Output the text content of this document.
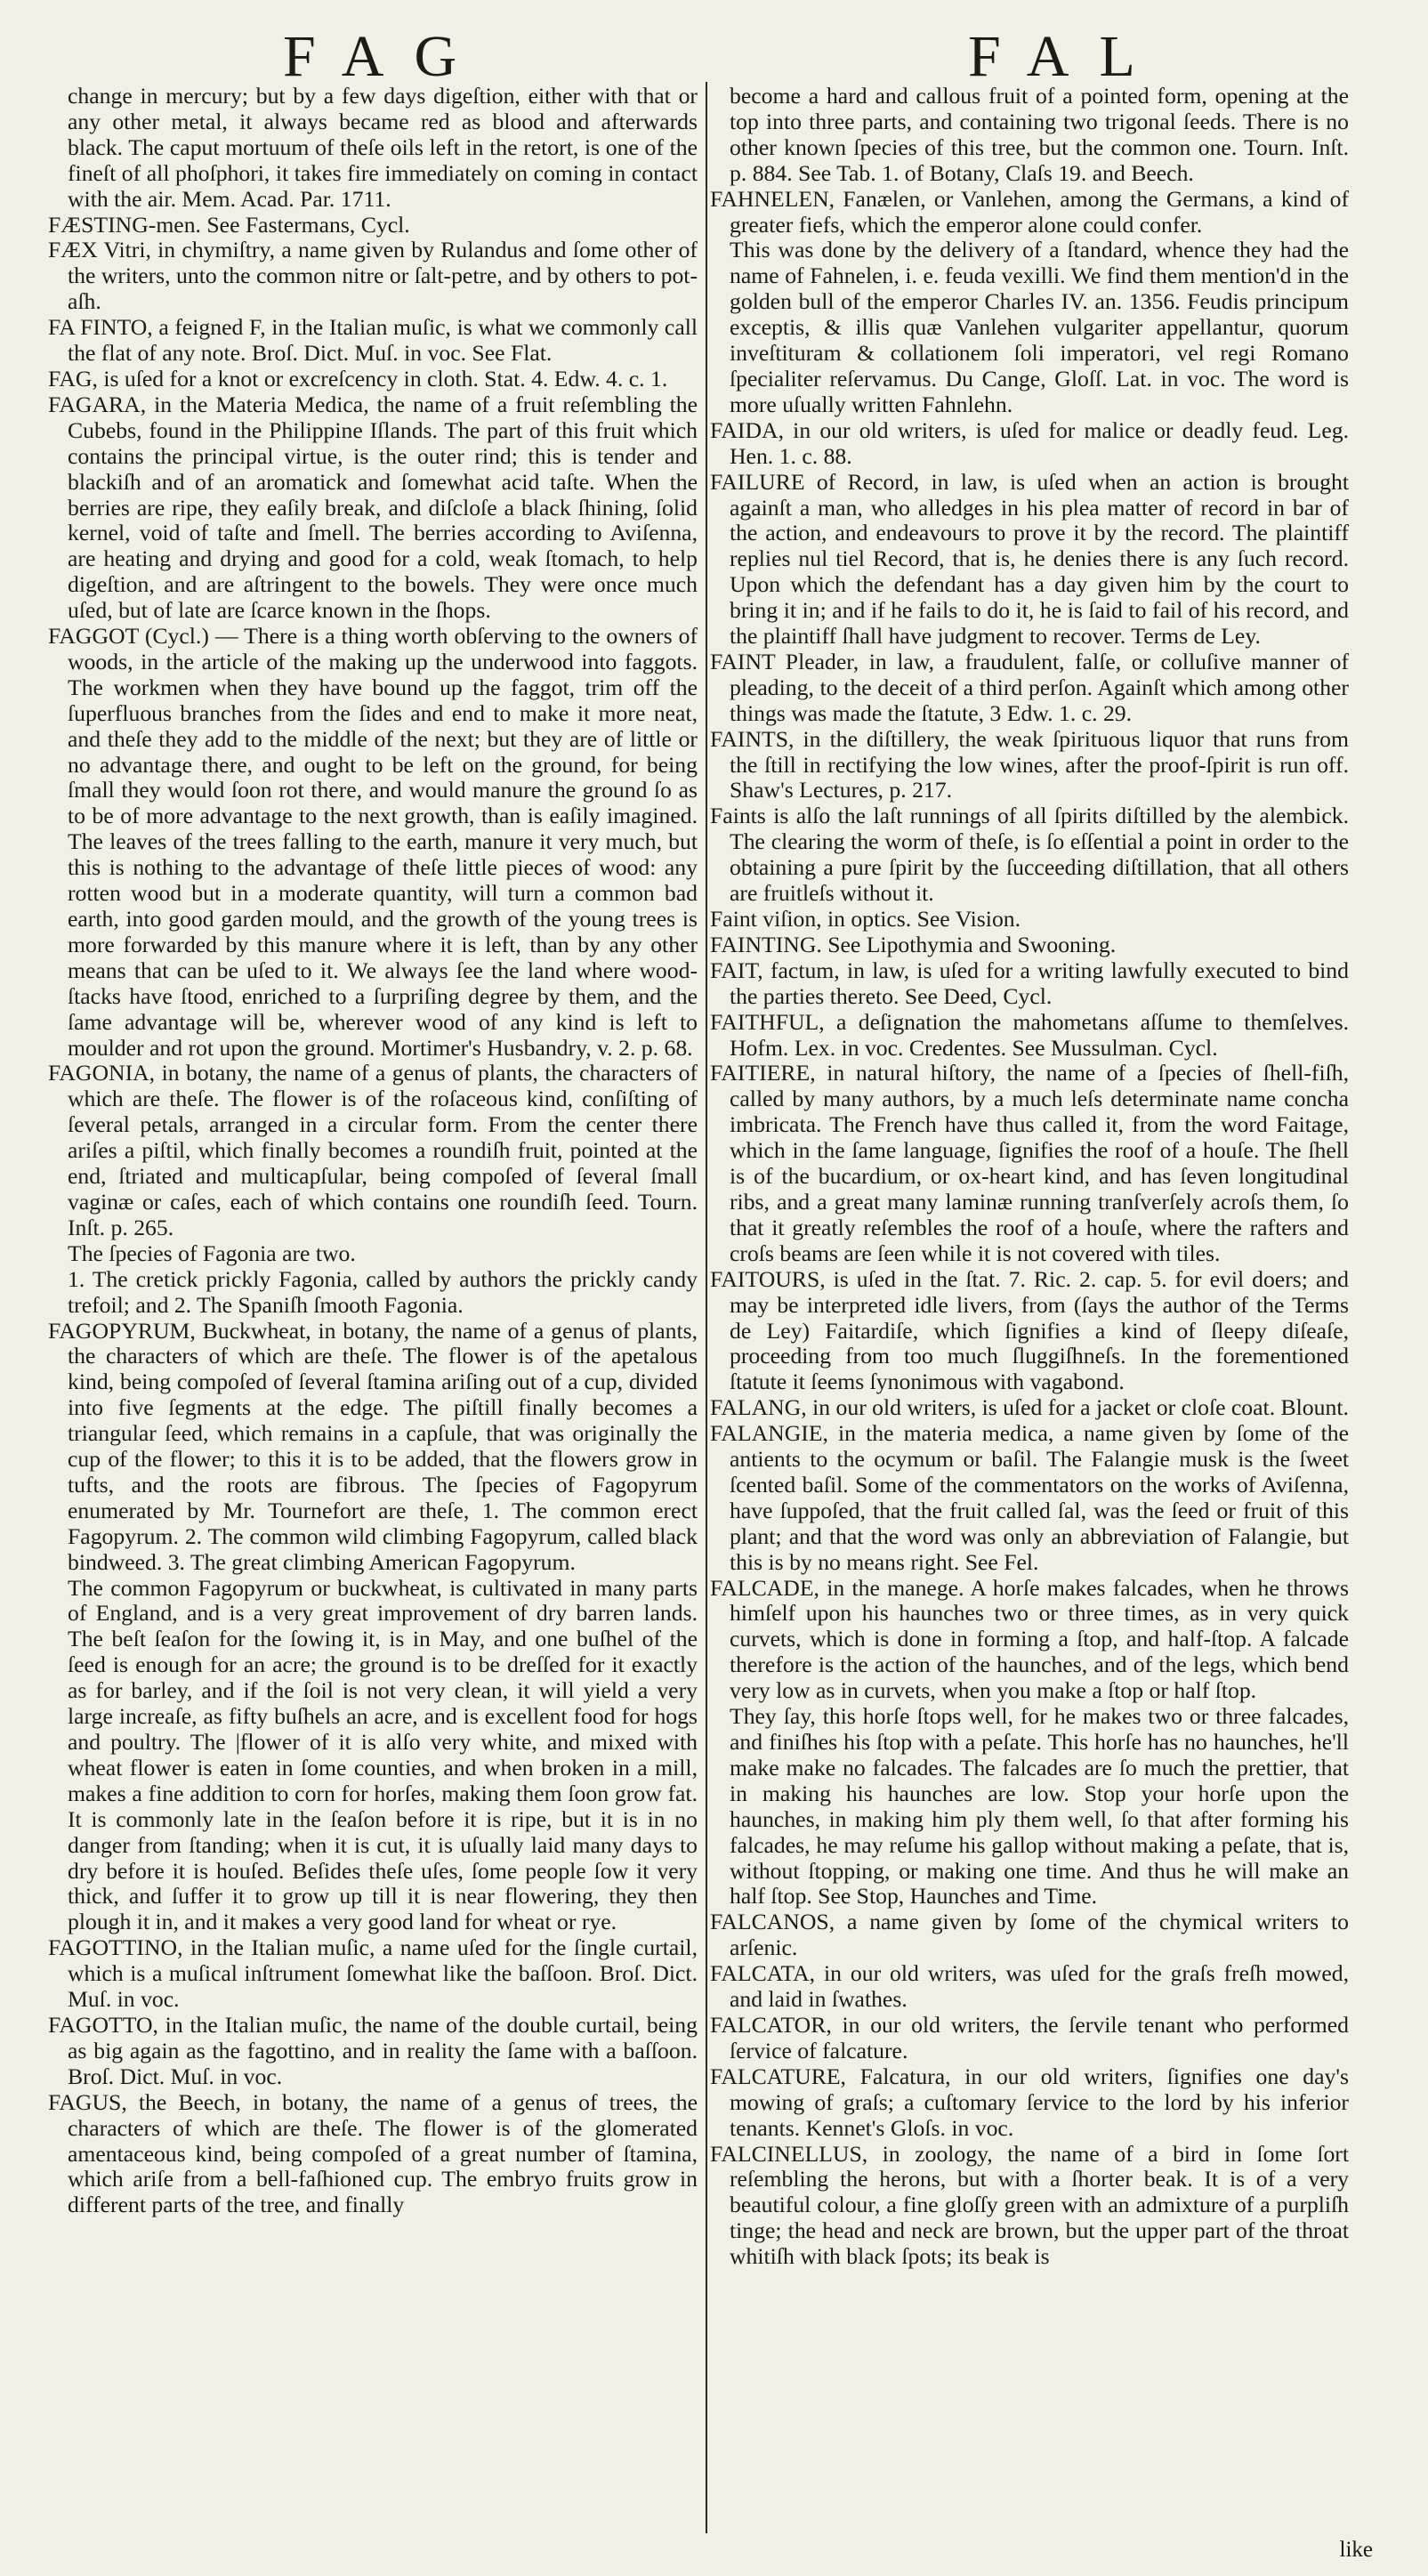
FAG	FAL

change in mercury; but by a few days digeſtion, either with that or any other metal, it always became red as blood and afterwards black. The caput mortuum of theſe oils left in the retort, is one of the fineſt of all phoſphori, it takes fire immediately on coming in contact with the air. Mem. Acad. Par. 1711.

FÆSTING-men. See Fastermans, Cycl.

FÆX Vitri, in chymiſtry, a name given by Rulandus and ſome other of the writers, unto the common nitre or ſalt-petre, and by others to pot-aſh.

FA FINTO, a feigned F, in the Italian muſic, is what we commonly call the flat of any note. Broſ. Dict. Muſ. in voc. See Flat.

FAG, is uſed for a knot or excreſcency in cloth. Stat. 4. Edw. 4. c. 1.

FAGARA, in the Materia Medica, the name of a fruit reſembling the Cubebs, found in the Philippine Iſlands. The part of this fruit which contains the principal virtue, is the outer rind; this is tender and blackiſh and of an aromatick and ſomewhat acid taſte. When the berries are ripe, they eaſily break, and diſcloſe a black ſhining, ſolid kernel, void of taſte and ſmell. The berries according to Aviſenna, are heating and drying and good for a cold, weak ſtomach, to help digeſtion, and are aſtringent to the bowels. They were once much uſed, but of late are ſcarce known in the ſhops.

FAGGOT (Cycl.) — There is a thing worth obſerving to the owners of woods, in the article of the making up the underwood into faggots. The workmen when they have bound up the faggot, trim off the ſuperfluous branches from the ſides and end to make it more neat, and theſe they add to the middle of the next; but they are of little or no advantage there, and ought to be left on the ground, for being ſmall they would ſoon rot there, and would manure the ground ſo as to be of more advantage to the next growth, than is eaſily imagined. The leaves of the trees falling to the earth, manure it very much, but this is nothing to the advantage of theſe little pieces of wood: any rotten wood but in a moderate quantity, will turn a common bad earth, into good garden mould, and the growth of the young trees is more forwarded by this manure where it is left, than by any other means that can be uſed to it. We always ſee the land where wood-ſtacks have ſtood, enriched to a ſurpriſing degree by them, and the ſame advantage will be, wherever wood of any kind is left to moulder and rot upon the ground. Mortimer's Husbandry, v. 2. p. 68.

FAGONIA, in botany, the name of a genus of plants, the characters of which are theſe. The flower is of the roſaceous kind, conſiſting of ſeveral petals, arranged in a circular form. From the center there ariſes a piſtil, which finally becomes a roundiſh fruit, pointed at the end, ſtriated and multicapſular, being compoſed of ſeveral ſmall vaginæ or caſes, each of which contains one roundiſh ſeed. Tourn. Inſt. p. 265.

The ſpecies of Fagonia are two.

1. The cretick prickly Fagonia, called by authors the prickly candy trefoil; and 2. The Spaniſh ſmooth Fagonia.

FAGOPYRUM, Buckwheat, in botany, the name of a genus of plants, the characters of which are theſe. The flower is of the apetalous kind, being compoſed of ſeveral ſtamina ariſing out of a cup, divided into five ſegments at the edge. The piſtill finally becomes a triangular ſeed, which remains in a capſule, that was originally the cup of the flower; to this it is to be added, that the flowers grow in tufts, and the roots are fibrous. The ſpecies of Fagopyrum enumerated by Mr. Tournefort are theſe, 1. The common erect Fagopyrum. 2. The common wild climbing Fagopyrum, called black bindweed. 3. The great climbing American Fagopyrum.

The common Fagopyrum or buckwheat, is cultivated in many parts of England, and is a very great improvement of dry barren lands. The beſt ſeaſon for the ſowing it, is in May, and one buſhel of the ſeed is enough for an acre; the ground is to be dreſſed for it exactly as for barley, and if the ſoil is not very clean, it will yield a very large increaſe, as fifty buſhels an acre, and is excellent food for hogs and poultry. The |flower of it is alſo very white, and mixed with wheat flower is eaten in ſome counties, and when broken in a mill, makes a fine addition to corn for horſes, making them ſoon grow fat. It is commonly late in the ſeaſon before it is ripe, but it is in no danger from ſtanding; when it is cut, it is uſually laid many days to dry before it is houſed. Beſides theſe uſes, ſome people ſow it very thick, and ſuffer it to grow up till it is near flowering, they then plough it in, and it makes a very good land for wheat or rye.

FAGOTTINO, in the Italian muſic, a name uſed for the ſingle curtail, which is a muſical inſtrument ſomewhat like the baſſoon. Broſ. Dict. Muſ. in voc.

FAGOTTO, in the Italian muſic, the name of the double curtail, being as big again as the fagottino, and in reality the ſame with a baſſoon. Broſ. Dict. Muſ. in voc.

FAGUS, the Beech, in botany, the name of a genus of trees, the characters of which are theſe. The flower is of the glomerated amentaceous kind, being compoſed of a great number of ſtamina, which ariſe from a bell-faſhioned cup. The embryo fruits grow in different parts of the tree, and finally

become a hard and callous fruit of a pointed form, opening at the top into three parts, and containing two trigonal ſeeds. There is no other known ſpecies of this tree, but the common one. Tourn. Inſt. p. 884. See Tab. 1. of Botany, Claſs 19. and Beech.

FAHNELEN, Fanælen, or Vanlehen, among the Germans, a kind of greater fiefs, which the emperor alone could confer.

This was done by the delivery of a ſtandard, whence they had the name of Fahnelen, i. e. feuda vexilli. We find them mention'd in the golden bull of the emperor Charles IV. an. 1356. Feudis principum exceptis, & illis quæ Vanlehen vulgariter appellantur, quorum inveſtituram & collationem ſoli imperatori, vel regi Romano ſpecialiter reſervamus. Du Cange, Gloſſ. Lat. in voc. The word is more uſually written Fahnlehn.

FAIDA, in our old writers, is uſed for malice or deadly feud. Leg. Hen. 1. c. 88.

FAILURE of Record, in law, is uſed when an action is brought againſt a man, who alledges in his plea matter of record in bar of the action, and endeavours to prove it by the record. The plaintiff replies nul tiel Record, that is, he denies there is any ſuch record. Upon which the defendant has a day given him by the court to bring it in; and if he fails to do it, he is ſaid to fail of his record, and the plaintiff ſhall have judgment to recover. Terms de Ley.

FAINT Pleader, in law, a fraudulent, falſe, or colluſive manner of pleading, to the deceit of a third perſon. Againſt which among other things was made the ſtatute, 3 Edw. 1. c. 29.

FAINTS, in the diſtillery, the weak ſpirituous liquor that runs from the ſtill in rectifying the low wines, after the proof-ſpirit is run off. Shaw's Lectures, p. 217.

Faints is alſo the laſt runnings of all ſpirits diſtilled by the alembick. The clearing the worm of theſe, is ſo eſſential a point in order to the obtaining a pure ſpirit by the ſucceeding diſtillation, that all others are fruitleſs without it.

Faint viſion, in optics. See Vision.

FAINTING. See Lipothymia and Swooning.

FAIT, factum, in law, is uſed for a writing lawfully executed to bind the parties thereto. See Deed, Cycl.

FAITHFUL, a deſignation the mahometans aſſume to themſelves. Hofm. Lex. in voc. Credentes. See Mussulman. Cycl.

FAITIERE, in natural hiſtory, the name of a ſpecies of ſhell-fiſh, called by many authors, by a much leſs determinate name concha imbricata. The French have thus called it, from the word Faitage, which in the ſame language, ſignifies the roof of a houſe. The ſhell is of the bucardium, or ox-heart kind, and has ſeven longitudinal ribs, and a great many laminæ running tranſverſely acroſs them, ſo that it greatly reſembles the roof of a houſe, where the rafters and croſs beams are ſeen while it is not covered with tiles.

FAITOURS, is uſed in the ſtat. 7. Ric. 2. cap. 5. for evil doers; and may be interpreted idle livers, from (ſays the author of the Terms de Ley) Faitardiſe, which ſignifies a kind of ſleepy diſeaſe, proceeding from too much ſluggiſhneſs. In the forementioned ſtatute it ſeems ſynonimous with vagabond.

FALANG, in our old writers, is uſed for a jacket or cloſe coat. Blount.

FALANGIE, in the materia medica, a name given by ſome of the antients to the ocymum or baſil. The Falangie musk is the ſweet ſcented baſil. Some of the commentators on the works of Aviſenna, have ſuppoſed, that the fruit called ſal, was the ſeed or fruit of this plant; and that the word was only an abbreviation of Falangie, but this is by no means right. See Fel.

FALCADE, in the manege. A horſe makes falcades, when he throws himſelf upon his haunches two or three times, as in very quick curvets, which is done in forming a ſtop, and half-ſtop. A falcade therefore is the action of the haunches, and of the legs, which bend very low as in curvets, when you make a ſtop or half ſtop.

They ſay, this horſe ſtops well, for he makes two or three falcades, and finiſhes his ſtop with a peſate. This horſe has no haunches, he'll make make no falcades. The falcades are ſo much the prettier, that in making his haunches are low. Stop your horſe upon the haunches, in making him ply them well, ſo that after forming his falcades, he may reſume his gallop without making a peſate, that is, without ſtopping, or making one time. And thus he will make an half ſtop. See Stop, Haunches and Time.

FALCANOS, a name given by ſome of the chymical writers to arſenic.

FALCATA, in our old writers, was uſed for the graſs freſh mowed, and laid in ſwathes.

FALCATOR, in our old writers, the ſervile tenant who performed ſervice of falcature.

FALCATURE, Falcatura, in our old writers, ſignifies one day's mowing of graſs; a cuſtomary ſervice to the lord by his inferior tenants. Kennet's Gloſs. in voc.

FALCINELLUS, in zoology, the name of a bird in ſome ſort reſembling the herons, but with a ſhorter beak. It is of a very beautiful colour, a fine gloſſy green with an admixture of a purpliſh tinge; the head and neck are brown, but the upper part of the throat whitiſh with black ſpots; its beak is

like
